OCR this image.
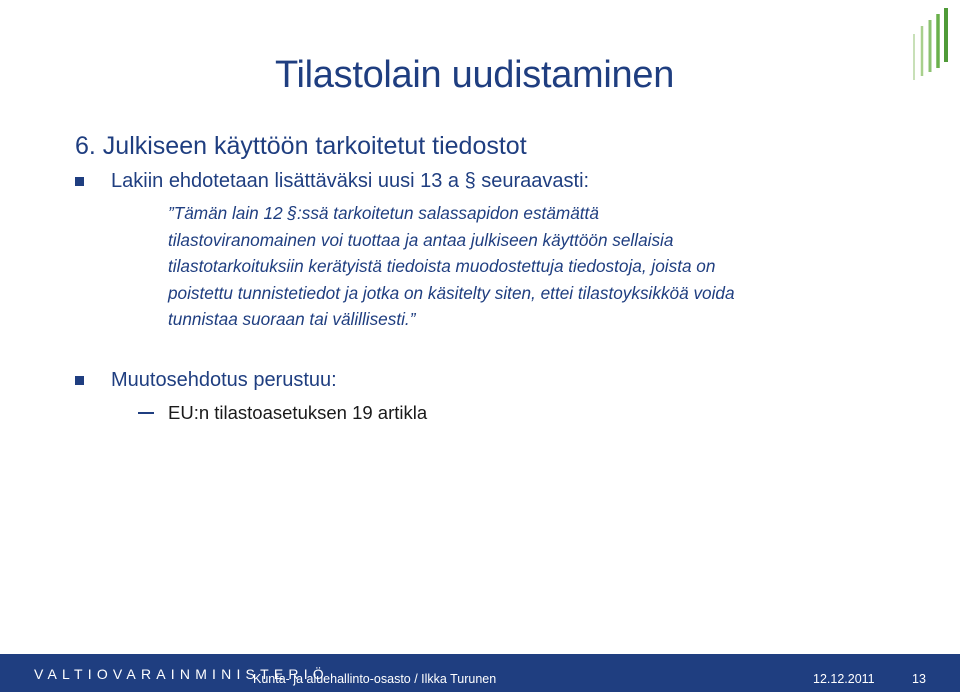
Tilastolain uudistaminen
6. Julkiseen käyttöön tarkoitetut tiedostot
Lakiin ehdotetaan lisättäväksi uusi 13 a § seuraavasti:
”Tämän lain 12 §:ssä tarkoitetun salassapidon estämättä
tilastoviranomainen voi tuottaa ja antaa julkiseen käyttöön sellaisia
tilastotarkoituksiin kerätyistä tiedoista muodostettuja tiedostoja, joista on
poistettu tunnistetiedot ja jotka on käsitelty siten, ettei tilastoyksikköä voida
tunnistaa suoraan tai välillisesti.”
Muutosehdotus perustuu:
EU:n tilastoasetuksen 19 artikla
VALTIOVARAINMINISTERIÖ
Kunta- ja aluehallinto-osasto / Ilkka Turunen	12.12.2011	13
